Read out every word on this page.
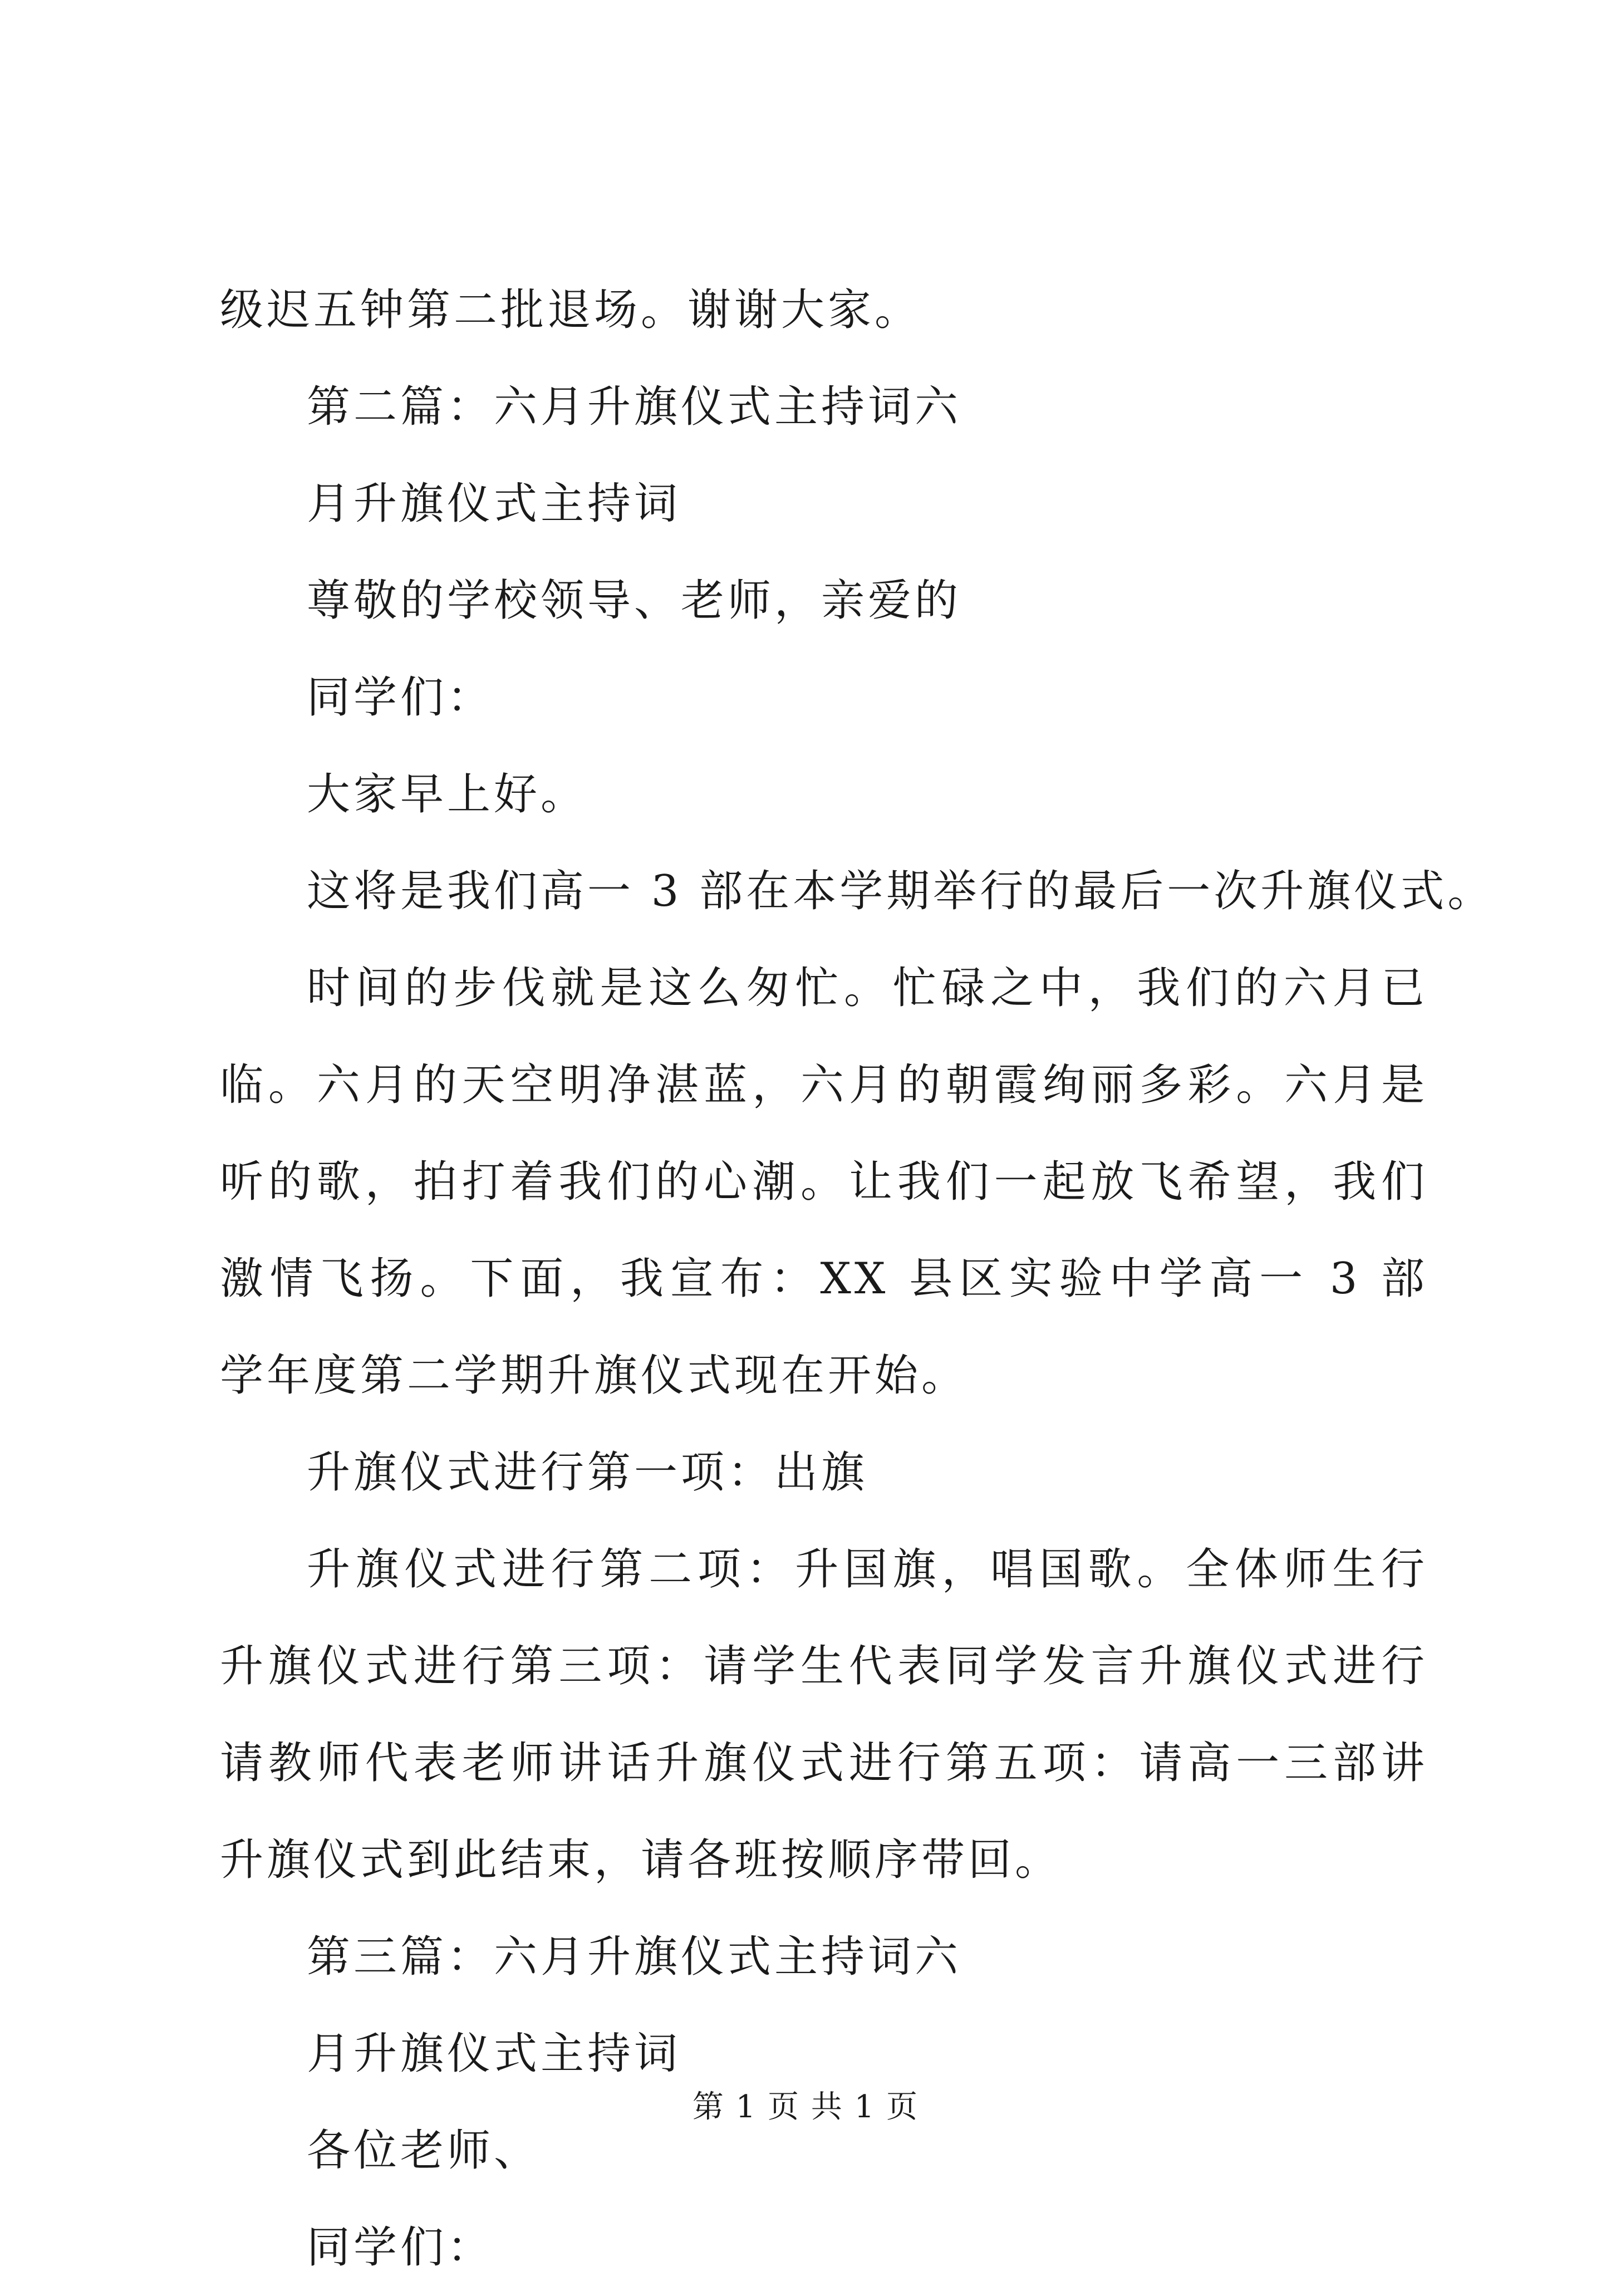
级迟五钟第二批退场。谢谢大家。
第二篇：六月升旗仪式主持词六
月升旗仪式主持词
尊敬的学校领导、老师，亲爱的
同学们：
大家早上好。
这将是我们高一 3 部在本学期举行的最后一次升旗仪式。
时间的步伐就是这么匆忙。忙碌之中，我们的六月已
临。六月的天空明净湛蓝，六月的朝霞绚丽多彩。六月是
听的歌，拍打着我们的心潮。让我们一起放飞希望，我们
激情飞扬。下面，我宣布：XX 县区实验中学高一 3 部
学年度第二学期升旗仪式现在开始。
升旗仪式进行第一项：出旗
升旗仪式进行第二项：升国旗，唱国歌。全体师生行
升旗仪式进行第三项：请学生代表同学发言升旗仪式进行
请教师代表老师讲话升旗仪式进行第五项：请高一三部讲
升旗仪式到此结束，请各班按顺序带回。
第三篇：六月升旗仪式主持词六
月升旗仪式主持词
各位老师、
同学们：
第 1 页 共 1 页
